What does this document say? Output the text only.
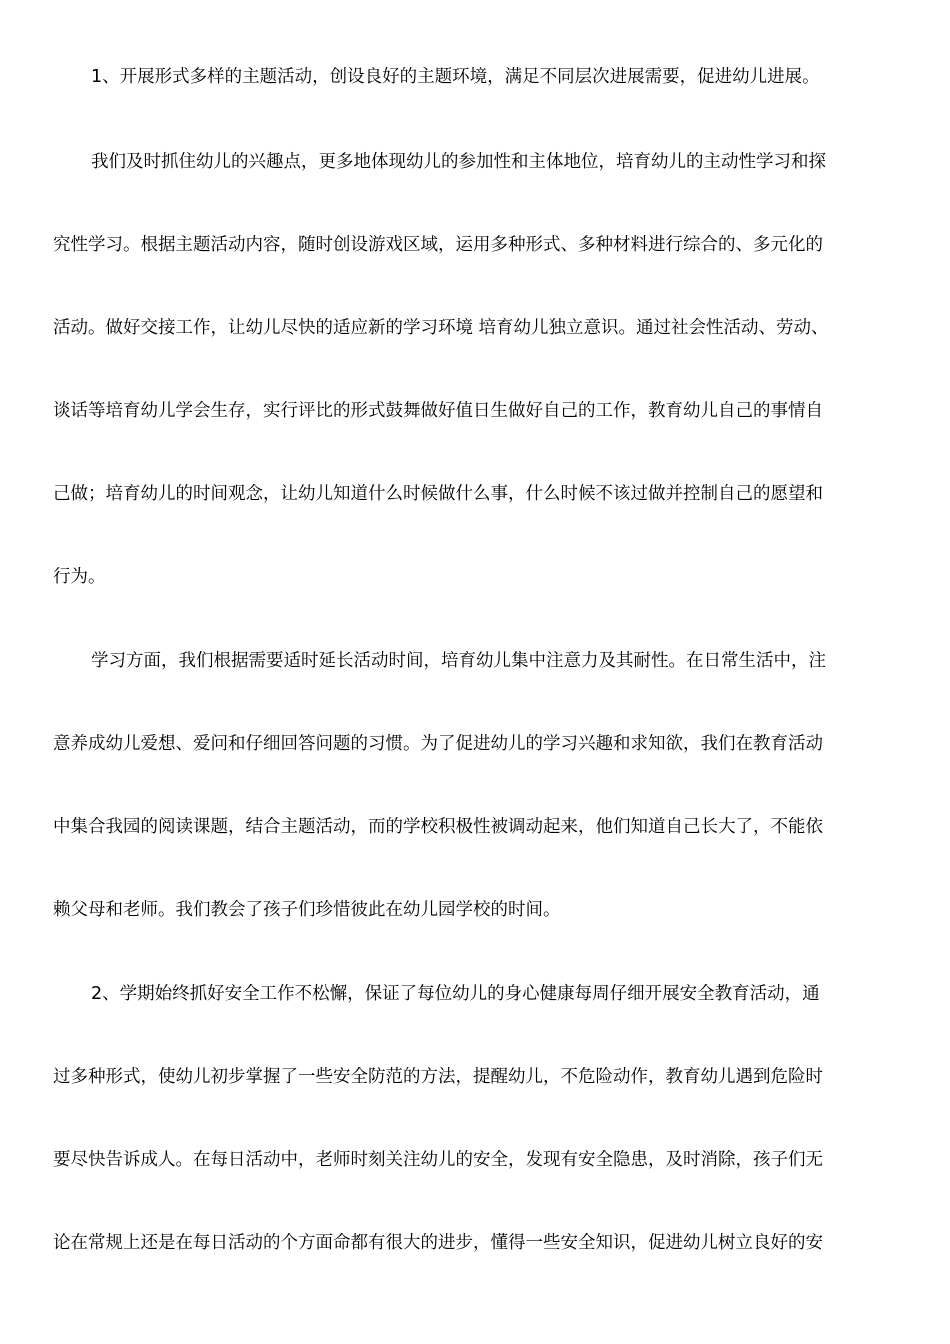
1、开展形式多样的主题活动，创设良好的主题环境，满足不同层次进展需要，促进幼儿进展。
我们及时抓住幼儿的兴趣点，更多地体现幼儿的参加性和主体地位，培育幼儿的主动性学习和探
究性学习。根据主题活动内容，随时创设游戏区域，运用多种形式、多种材料进行综合的、多元化的
活动。做好交接工作，让幼儿尽快的适应新的学习环境 培育幼儿独立意识。通过社会性活动、劳动、
谈话等培育幼儿学会生存，实行评比的形式鼓舞做好值日生做好自己的工作，教育幼儿自己的事情自
己做；培育幼儿的时间观念，让幼儿知道什么时候做什么事，什么时候不该过做并控制自己的愿望和
行为。
学习方面，我们根据需要适时延长活动时间，培育幼儿集中注意力及其耐性。在日常生活中，注
意养成幼儿爱想、爱问和仔细回答问题的习惯。为了促进幼儿的学习兴趣和求知欲，我们在教育活动
中集合我园的阅读课题，结合主题活动，而的学校积极性被调动起来，他们知道自己长大了，不能依
赖父母和老师。我们教会了孩子们珍惜彼此在幼儿园学校的时间。
2、学期始终抓好安全工作不松懈，保证了每位幼儿的身心健康每周仔细开展安全教育活动，通
过多种形式，使幼儿初步掌握了一些安全防范的方法，提醒幼儿，不危险动作，教育幼儿遇到危险时
要尽快告诉成人。在每日活动中，老师时刻关注幼儿的安全，发现有安全隐患，及时消除，孩子们无
论在常规上还是在每日活动的个方面命都有很大的进步，懂得一些安全知识，促进幼儿树立良好的安
